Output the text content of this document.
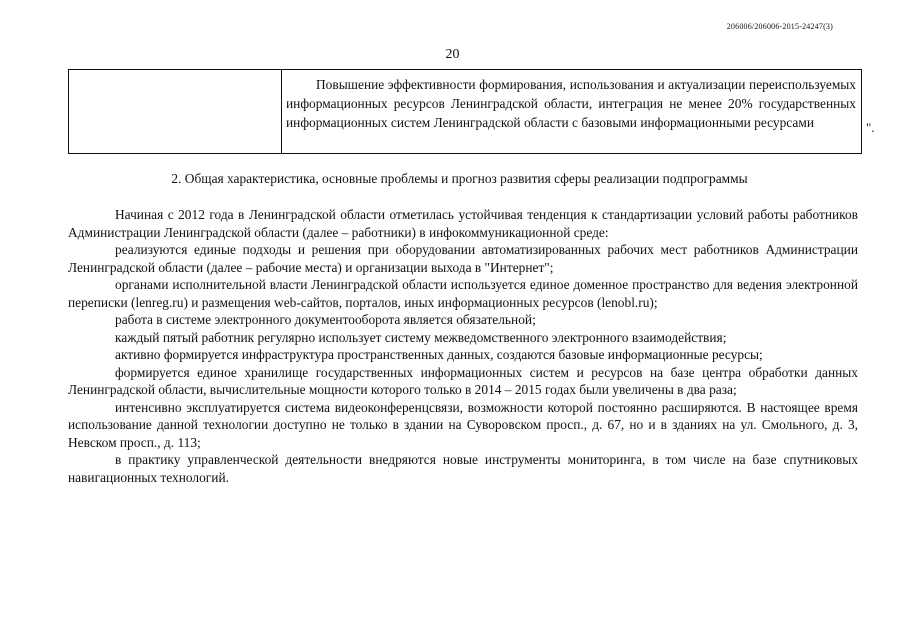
206006/206006-2015-24247(3)
20
Повышение эффективности формирования, использования и актуализации переиспользуемых информационных ресурсов Ленинградской области, интеграция не менее 20% государственных информационных систем Ленинградской области с базовыми информационными ресурсами	".
2. Общая характеристика, основные проблемы и прогноз развития сферы реализации подпрограммы

Начиная с 2012 года в Ленинградской области отметилась устойчивая тенденция к стандартизации условий работы работников Администрации Ленинградской области (далее – работники) в инфокоммуникационной среде:

реализуются единые подходы и решения при оборудовании автоматизированных рабочих мест работников Администрации Ленинградской области (далее – рабочие места) и организации выхода в "Интернет";

органами исполнительной власти Ленинградской области используется единое доменное пространство для ведения электронной переписки (lenreg.ru) и размещения web-сайтов, порталов, иных информационных ресурсов (lenobl.ru);

работа в системе электронного документооборота является обязательной;

каждый пятый работник регулярно использует систему межведомственного электронного взаимодействия;

активно формируется инфраструктура пространственных данных, создаются базовые информационные ресурсы;

формируется единое хранилище государственных информационных систем и ресурсов на базе центра обработки данных Ленинградской области, вычислительные мощности которого только в 2014 – 2015 годах были увеличены в два раза;

интенсивно эксплуатируется система видеоконференцсвязи, возможности которой постоянно расширяются. В настоящее время использование данной технологии доступно не только в здании на Суворовском просп., д. 67, но и в зданиях на ул. Смольного, д. 3, Невском просп., д. 113;

в практику управленческой деятельности внедряются новые инструменты мониторинга, в том числе на базе спутниковых навигационных технологий.
